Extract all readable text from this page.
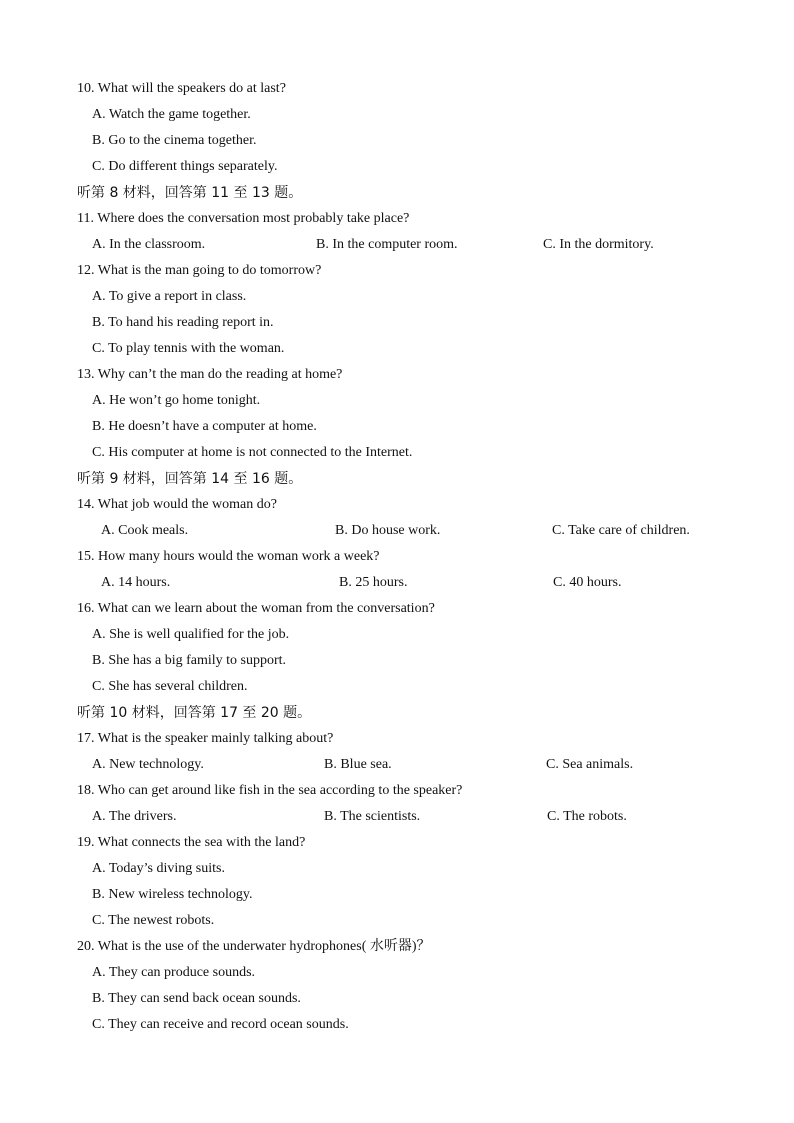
10. What will the speakers do at last?
A. Watch the game together.
B. Go to the cinema together.
C. Do different things separately.
听第 8 材料，回答第 11 至 13 题。
11. Where does the conversation most probably take place?
A. In the classroom.	B. In the computer room.	C. In the dormitory.
12. What is the man going to do tomorrow?
A. To give a report in class.
B. To hand his reading report in.
C. To play tennis with the woman.
13. Why can’t the man do the reading at home?
A. He won’t go home tonight.
B. He doesn’t have a computer at home.
C. His computer at home is not connected to the Internet.
听第 9 材料，回答第 14 至 16 题。
14. What job would the woman do?
A. Cook meals.	B. Do house work.	C. Take care of children.
15. How many hours would the woman work a week?
A. 14 hours.	B. 25 hours.	C. 40 hours.
16. What can we learn about the woman from the conversation?
A. She is well qualified for the job.
B. She has a big family to support.
C. She has several children.
听第 10 材料，回答第 17 至 20 题。
17. What is the speaker mainly talking about?
A. New technology.	B. Blue sea.	C. Sea animals.
18. Who can get around like fish in the sea according to the speaker?
A. The drivers.	B. The scientists.	C. The robots.
19. What connects the sea with the land?
A. Today’s diving suits.
B. New wireless technology.
C. The newest robots.
20. What is the use of the underwater hydrophones( 水听器)？
A. They can produce sounds.
B. They can send back ocean sounds.
C. They can receive and record ocean sounds.
